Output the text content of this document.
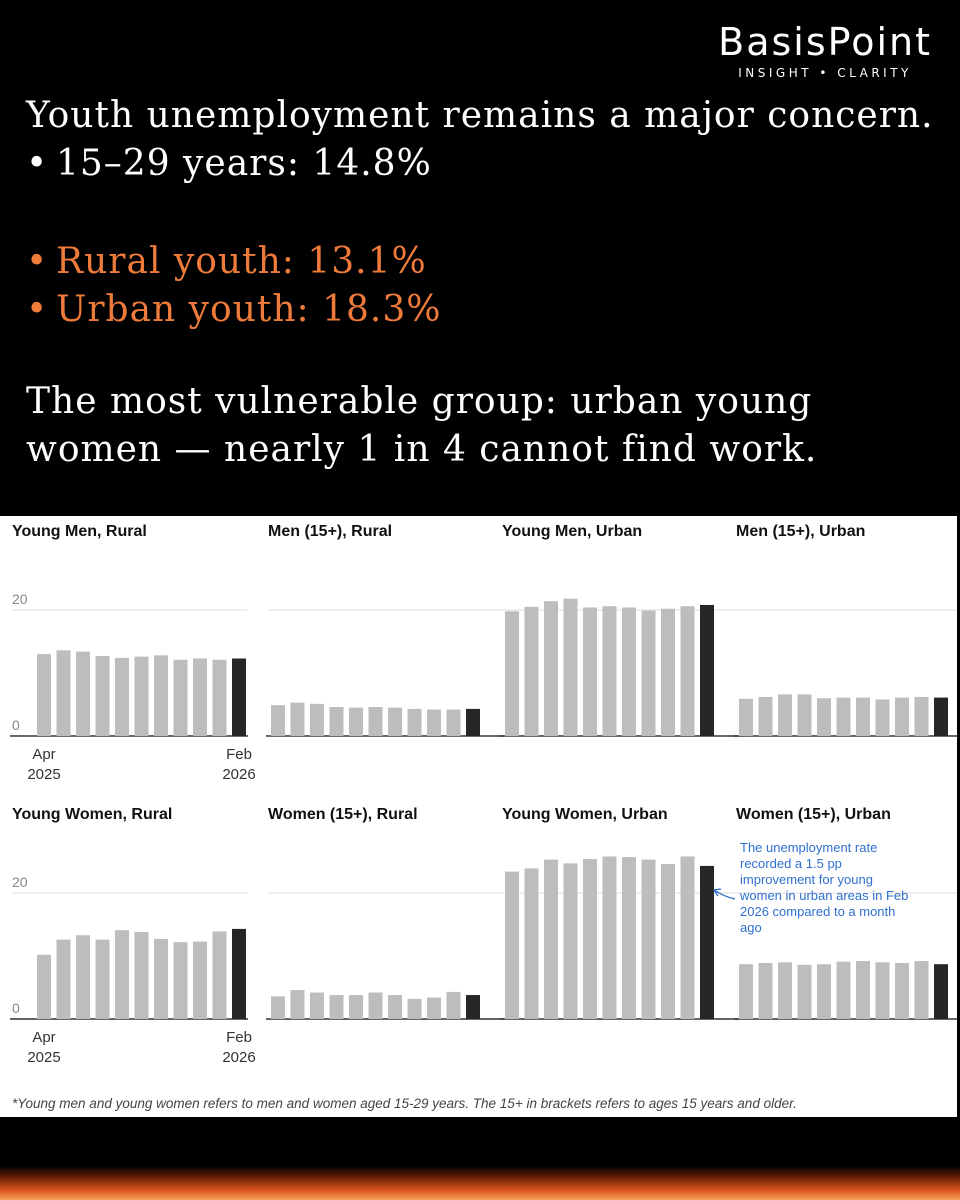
BasisPoint
INSIGHT • CLARITY
Youth unemployment remains a major concern.
• 15–29 years: 14.8%
• Rural youth: 13.1%
• Urban youth: 18.3%
The most vulnerable group: urban young
women — nearly 1 in 4 cannot find work.
Young Men, Rural
20
0
Apr
2025
Feb
2026
Men (15+), Rural	Young Men, Urban	Men (15+), Urban
Young Women, Rural
20
0
Apr
2025
Feb
2026
Women (15+), Rural	Young Women, Urban	Women (15+), Urban
The unemployment rate
recorded a 1.5 pp
improvement for young
women in urban areas in Feb
2026 compared to a month
ago
*Young men and young women refers to men and women aged 15-29 years. The 15+ in brackets refers to ages 15 years and older.
